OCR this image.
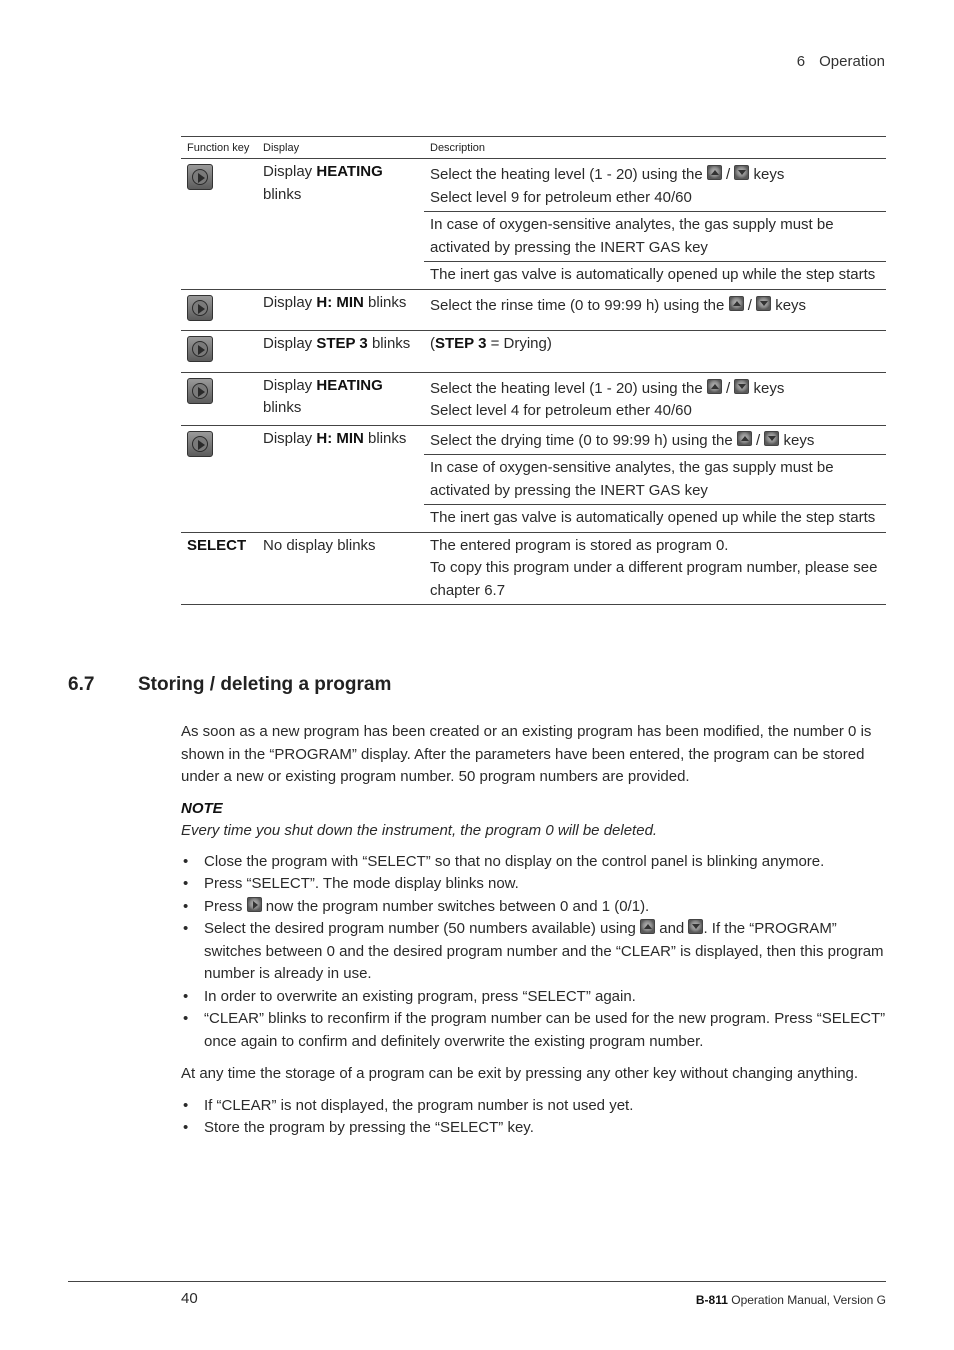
6 Operation
Function key	Display	Description

	Display HEATING blinks	Select the heating level (1 - 20) using the / keys
Select level 9 for petroleum ether 40/60
		In case of oxygen-sensitive analytes, the gas supply must be activated by pressing the INERT GAS key
		The inert gas valve is automatically opened up while the step starts

	Display H: MIN blinks	Select the rinse time (0 to 99:99 h) using the / keys

	Display STEP 3 blinks	(STEP 3 = Drying)

	Display HEATING blinks	Select the heating level (1 - 20) using the / keys
Select level 4 for petroleum ether 40/60

	Display H: MIN blinks	Select the drying time (0 to 99:99 h) using the / keys
		In case of oxygen-sensitive analytes, the gas supply must be activated by pressing the INERT GAS key
		The inert gas valve is automatically opened up while the step starts
SELECT	No display blinks	The entered program is stored as program 0.
To copy this program under a different program number, please see chapter 6.7
6.7 Storing / deleting a program

As soon as a new program has been created or an existing program has been modified, the number 0 is shown in the “PROGRAM” display. After the parameters have been entered, the program can be stored under a new or existing program number. 50 program numbers are provided.

NOTE

Every time you shut down the instrument, the program 0 will be deleted.

• Close the program with “SELECT” so that no display on the control panel is blinking anymore.
• Press “SELECT”. The mode display blinks now.
• Press now the program number switches between 0 and 1 (0/1).
• Select the desired program number (50 numbers available) using and . If the “PROGRAM” switches between 0 and the desired program number and the “CLEAR” is displayed, then this program number is already in use.
• In order to overwrite an existing program, press “SELECT” again.
• “CLEAR” blinks to reconfirm if the program number can be used for the new program. Press “SELECT” once again to confirm and definitely overwrite the existing program number.

At any time the storage of a program can be exit by pressing any other key without changing anything.

• If “CLEAR” is not displayed, the program number is not used yet.
• Store the program by pressing the “SELECT” key.
40	B-811 Operation Manual, Version G
